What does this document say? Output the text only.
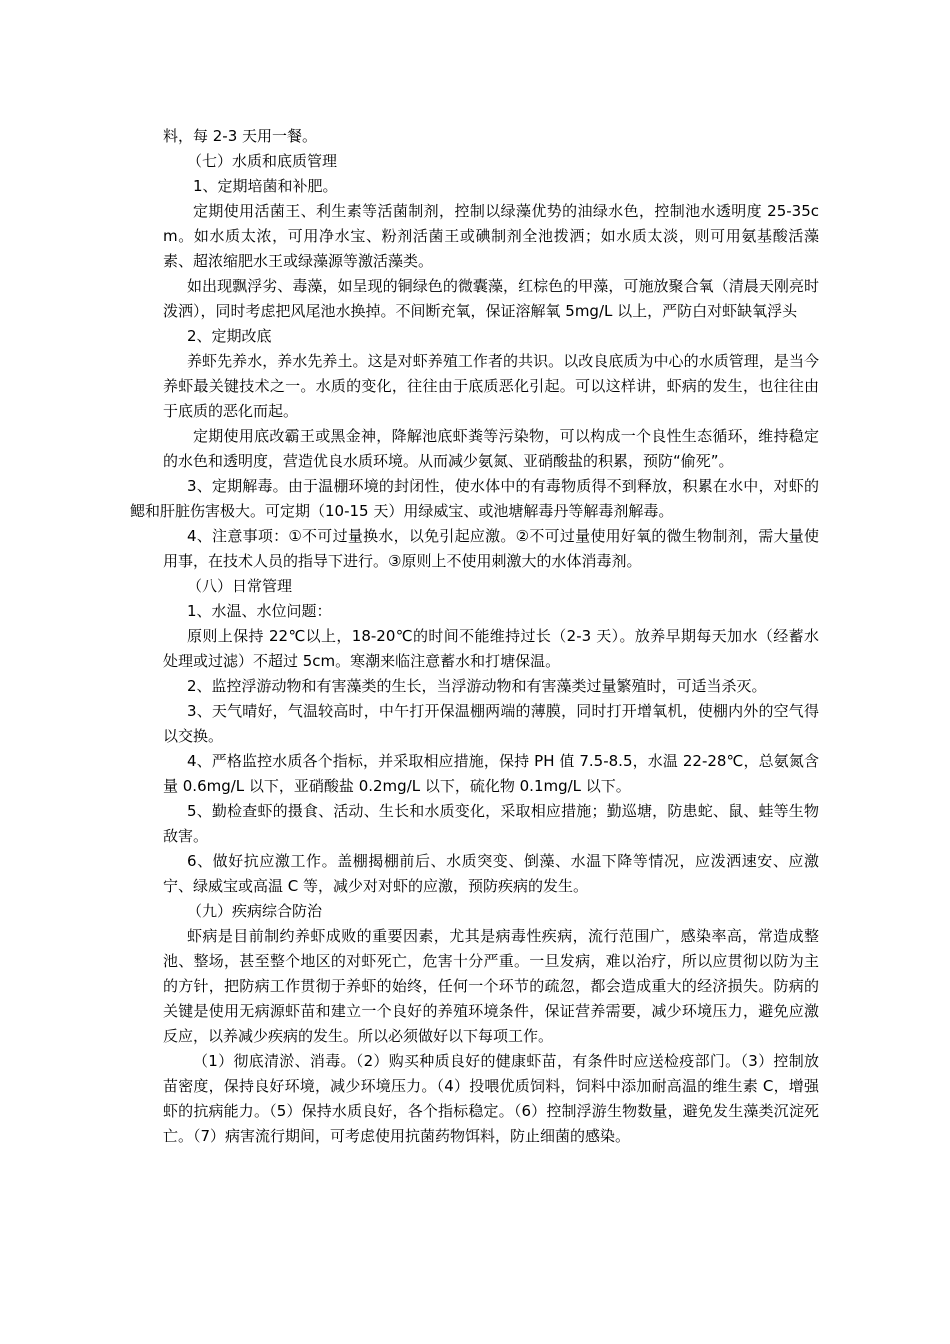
料，每 2-3 天用一餐。

（七）水质和底质管理

1、定期培菌和补肥。

定期使用活菌王、利生素等活菌制剂，控制以绿藻优势的油绿水色，控制池水透明度 25-35cm。如水质太浓，可用净水宝、粉剂活菌王或碘制剂全池拨洒；如水质太淡，则可用氨基酸活藻素、超浓缩肥水王或绿藻源等激活藻类。

如出现飘浮劣、毒藻，如呈现的铜绿色的微囊藻，红棕色的甲藻，可施放聚合氧（清晨天刚亮时泼洒），同时考虑把风尾池水换掉。不间断充氧，保证溶解氧 5mg/L 以上，严防白对虾缺氧浮头

2、定期改底

养虾先养水，养水先养土。这是对虾养殖工作者的共识。以改良底质为中心的水质管理，是当今养虾最关键技术之一。水质的变化，往往由于底质恶化引起。可以这样讲，虾病的发生，也往往由于底质的恶化而起。

定期使用底改霸王或黑金神，降解池底虾粪等污染物，可以构成一个良性生态循环，维持稳定的水色和透明度，营造优良水质环境。从而减少氨氮、亚硝酸盐的积累，预防“偷死”。

3、定期解毒。由于温棚环境的封闭性，使水体中的有毒物质得不到释放，积累在水中，对虾的鳃和肝脏伤害极大。可定期（10-15 天）用绿威宝、或池塘解毒丹等解毒剂解毒。

4、注意事项：①不可过量换水，以免引起应激。②不可过量使用好氧的微生物制剂，需大量使用事，在技术人员的指导下进行。③原则上不使用刺激大的水体消毒剂。

（八）日常管理

1、水温、水位问题：

原则上保持 22℃以上，18-20℃的时间不能维持过长（2-3 天）。放养早期每天加水（经蓄水处理或过滤）不超过 5cm。寒潮来临注意蓄水和打塘保温。

2、监控浮游动物和有害藻类的生长，当浮游动物和有害藻类过量繁殖时，可适当杀灭。

3、天气晴好，气温较高时，中午打开保温棚两端的薄膜，同时打开增氧机，使棚内外的空气得以交换。

4、严格监控水质各个指标，并采取相应措施，保持 PH 值 7.5-8.5，水温 22-28℃，总氨氮含量 0.6mg/L 以下，亚硝酸盐 0.2mg/L 以下，硫化物 0.1mg/L 以下。

5、勤检查虾的摄食、活动、生长和水质变化，采取相应措施；勤巡塘，防患蛇、鼠、蛙等生物敌害。

6、做好抗应激工作。盖棚揭棚前后、水质突变、倒藻、水温下降等情况，应泼洒速安、应激宁、绿威宝或高温 C 等，减少对对虾的应激，预防疾病的发生。

（九）疾病综合防治

虾病是目前制约养虾成败的重要因素，尤其是病毒性疾病，流行范围广，感染率高，常造成整池、整场，甚至整个地区的对虾死亡，危害十分严重。一旦发病，难以治疗，所以应贯彻以防为主的方针，把防病工作贯彻于养虾的始终，任何一个环节的疏忽，都会造成重大的经济损失。防病的关键是使用无病源虾苗和建立一个良好的养殖环境条件，保证营养需要，减少环境压力，避免应激反应，以养减少疾病的发生。所以必须做好以下每项工作。

（1）彻底清淤、消毒。（2）购买种质良好的健康虾苗，有条件时应送检疫部门。（3）控制放苗密度，保持良好环境，减少环境压力。（4）投喂优质饲料，饲料中添加耐高温的维生素 C，增强虾的抗病能力。（5）保持水质良好，各个指标稳定。（6）控制浮游生物数量，避免发生藻类沉淀死亡。（7）病害流行期间，可考虑使用抗菌药物饵料，防止细菌的感染。
